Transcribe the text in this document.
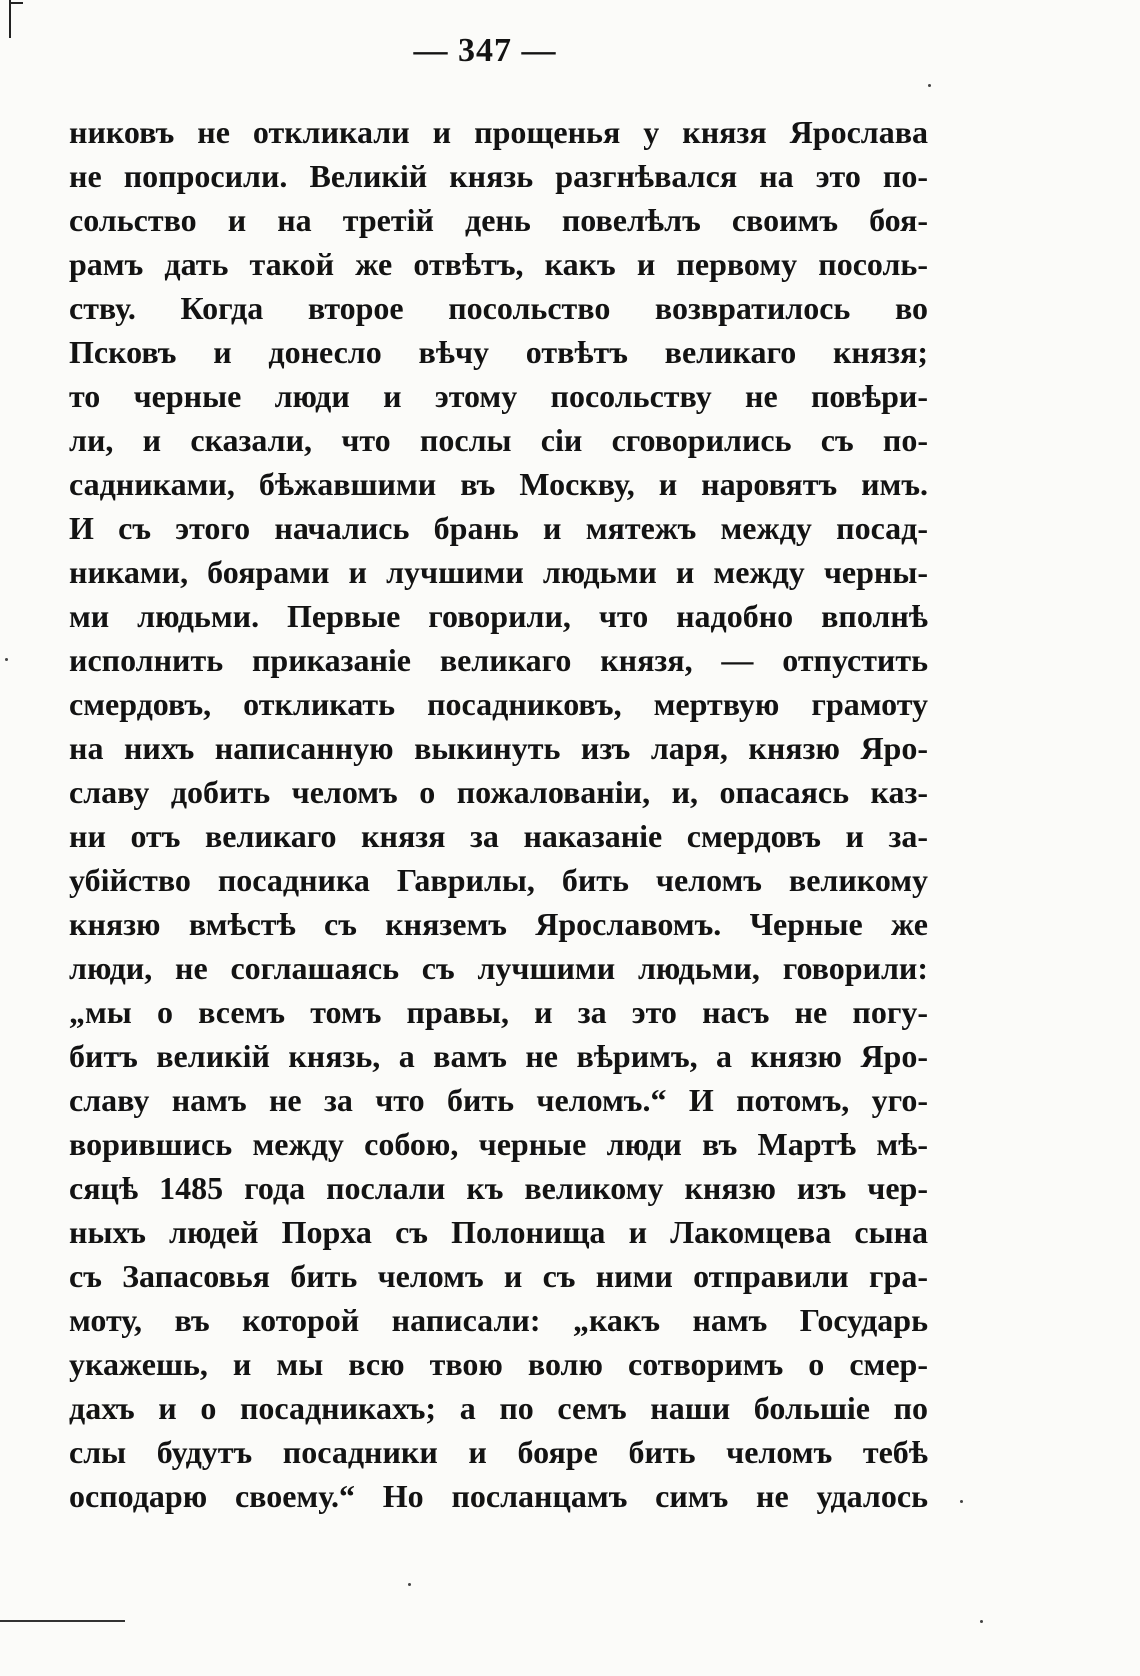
— 347 —
никовъ не откликали и прощенья у князя Ярослава
не попросили. Великій князь разгнѣвался на это по-
сольство и на третій день повелѣлъ своимъ боя-
рамъ дать такой же отвѣтъ, какъ и первому посоль-
ству. Когда второе посольство возвратилось во
Псковъ и донесло вѣчу отвѣтъ великаго князя;
то черные люди и этому посольству не повѣри-
ли, и сказали, что послы сіи сговорились съ по-
садниками, бѣжавшими въ Москву, и наровятъ имъ.
И съ этого начались брань и мятежъ между посад-
никами, боярами и лучшими людьми и между черны-
ми людьми. Первые говорили, что надобно вполнѣ
исполнить приказаніе великаго князя, — отпустить
смердовъ, откликать посадниковъ, мертвую грамоту
на нихъ написанную выкинуть изъ ларя, князю Яро-
славу добить челомъ о пожалованіи, и, опасаясь каз-
ни отъ великаго князя за наказаніе смердовъ и за-
убійство посадника Гаврилы, бить челомъ великому
князю вмѣстѣ съ княземъ Ярославомъ. Черные же
люди, не соглашаясь съ лучшими людьми, говорили:
„мы о всемъ томъ правы, и за это насъ не погу-
битъ великій князь, а вамъ не вѣримъ, а князю Яро-
славу намъ не за что бить челомъ.“ И потомъ, уго-
ворившись между собою, черные люди въ Мартѣ мѣ-
сяцѣ 1485 года послали къ великому князю изъ чер-
ныхъ людей Порха съ Полонища и Лакомцева сына
съ Запасовья бить челомъ и съ ними отправили гра-
моту, въ которой написали: „какъ намъ Государь
укажешь, и мы всю твою волю сотворимъ о смер-
дахъ и о посадникахъ; а по семъ наши большіе по
слы будутъ посадники и бояре бить челомъ тебѣ
осподарю своему.“ Но посланцамъ симъ не удалось
